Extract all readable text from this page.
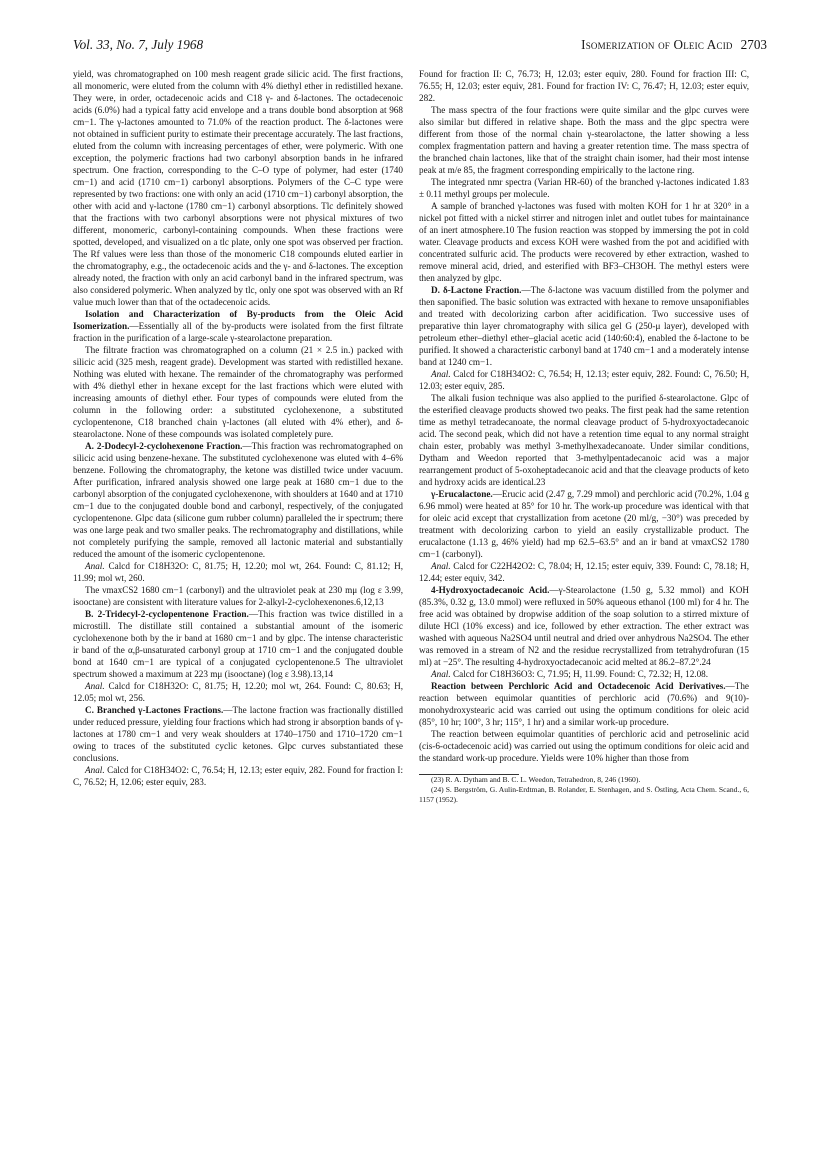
Vol. 33, No. 7, July 1968	Isomerization of Oleic Acid 2703

yield, was chromatographed on 100 mesh reagent grade silicic acid. The first fractions, all monomeric, were eluted from the column with 4% diethyl ether in redistilled hexane. They were, in order, octadecenoic acids and C18 γ- and δ-lactones. The octadecenoic acids (6.0%) had a typical fatty acid envelope and a trans double bond absorption at 968 cm−1. The γ-lactones amounted to 71.0% of the reaction product. The δ-lactones were not obtained in sufficient purity to estimate their precentage accurately. The last fractions, eluted from the column with increasing percentages of ether, were polymeric. With one exception, the polymeric fractions had two carbonyl absorption bands in he infrared spectrum. One fraction, corresponding to the C–O type of polymer, had ester (1740 cm−1) and acid (1710 cm−1) carbonyl absorptions. Polymers of the C–C type were represented by two fractions: one with only an acid (1710 cm−1) carbonyl absorption, the other with acid and γ-lactone (1780 cm−1) carbonyl absorptions. Tlc definitely showed that the fractions with two carbonyl absorptions were not physical mixtures of two different, monomeric, carbonyl-containing compounds. When these fractions were spotted, developed, and visualized on a tlc plate, only one spot was observed per fraction. The Rf values were less than those of the monomeric C18 compounds eluted earlier in the chromatography, e.g., the octadecenoic acids and the γ- and δ-lactones. The exception already noted, the fraction with only an acid carbonyl band in the infrared spectrum, was also considered polymeric. When analyzed by tlc, only one spot was observed with an Rf value much lower than that of the octadecenoic acids.

Isolation and Characterization of By-products from the Oleic Acid Isomerization.—Essentially all of the by-products were isolated from the first filtrate fraction in the purification of a large-scale γ-stearolactone preparation.

The filtrate fraction was chromatographed on a column (21 × 2.5 in.) packed with silicic acid (325 mesh, reagent grade). Development was started with redistilled hexane. Nothing was eluted with hexane. The remainder of the chromatography was performed with 4% diethyl ether in hexane except for the last fractions which were eluted with increasing amounts of diethyl ether. Four types of compounds were eluted from the column in the following order: a substituted cyclohexenone, a substituted cyclopentenone, C18 branched chain γ-lactones (all eluted with 4% ether), and δ-stearolactone. None of these compounds was isolated completely pure.

A. 2-Dodecyl-2-cyclohexenone Fraction.—This fraction was rechromatographed on silicic acid using benzene-hexane. The substituted cyclohexenone was eluted with 4–6% benzene. Following the chromatography, the ketone was distilled twice under vacuum. After purification, infrared analysis showed one large peak at 1680 cm−1 due to the carbonyl absorption of the conjugated cyclohexenone, with shoulders at 1640 and at 1710 cm−1 due to the conjugated double bond and carbonyl, respectively, of the conjugated cyclopentenone. Glpc data (silicone gum rubber column) paralleled the ir spectrum; there was one large peak and two smaller peaks. The rechromatography and distillations, while not completely purifying the sample, removed all lactonic material and substantially reduced the amount of the isomeric cyclopentenone.

Anal. Calcd for C18H32O: C, 81.75; H, 12.20; mol wt, 264. Found: C, 81.12; H, 11.99; mol wt, 260.

The νmaxCS2 1680 cm−1 (carbonyl) and the ultraviolet peak at 230 mμ (log ε 3.99, isooctane) are consistent with literature values for 2-alkyl-2-cyclohexenones.6,12,13

B. 2-Tridecyl-2-cyclopentenone Fraction.—This fraction was twice distilled in a microstill. The distillate still contained a substantial amount of the isomeric cyclohexenone both by the ir band at 1680 cm−1 and by glpc. The intense characteristic ir band of the α,β-unsaturated carbonyl group at 1710 cm−1 and the conjugated double bond at 1640 cm−1 are typical of a conjugated cyclopentenone.5 The ultraviolet spectrum showed a maximum at 223 mμ (isooctane) (log ε 3.98).13,14

Anal. Calcd for C18H32O: C, 81.75; H, 12.20; mol wt, 264. Found: C, 80.63; H, 12.05; mol wt, 256.

C. Branched γ-Lactones Fractions.—The lactone fraction was fractionally distilled under reduced pressure, yielding four fractions which had strong ir absorption bands of γ-lactones at 1780 cm−1 and very weak shoulders at 1740–1750 and 1710–1720 cm−1 owing to traces of the substituted cyclic ketones. Glpc curves substantiated these conclusions.

Anal. Calcd for C18H34O2: C, 76.54; H, 12.13; ester equiv, 282. Found for fraction I: C, 76.52; H, 12.06; ester equiv, 283.

Found for fraction II: C, 76.73; H, 12.03; ester equiv, 280. Found for fraction III: C, 76.55; H, 12.03; ester equiv, 281. Found for fraction IV: C, 76.47; H, 12.03; ester equiv, 282.

The mass spectra of the four fractions were quite similar and the glpc curves were also similar but differed in relative shape. Both the mass and the glpc spectra were different from those of the normal chain γ-stearolactone, the latter showing a less complex fragmentation pattern and having a greater retention time. The mass spectra of the branched chain lactones, like that of the straight chain isomer, had their most intense peak at m/e 85, the fragment corresponding empirically to the lactone ring.

The integrated nmr spectra (Varian HR-60) of the branched γ-lactones indicated 1.83 ± 0.11 methyl groups per molecule.

A sample of branched γ-lactones was fused with molten KOH for 1 hr at 320° in a nickel pot fitted with a nickel stirrer and nitrogen inlet and outlet tubes for maintainance of an inert atmosphere.10 The fusion reaction was stopped by immersing the pot in cold water. Cleavage products and excess KOH were washed from the pot and acidified with concentrated sulfuric acid. The products were recovered by ether extraction, washed to remove mineral acid, dried, and esterified with BF3–CH3OH. The methyl esters were then analyzed by glpc.

D. δ-Lactone Fraction.—The δ-lactone was vacuum distilled from the polymer and then saponified. The basic solution was extracted with hexane to remove unsaponifiables and treated with decolorizing carbon after acidification. Two successive uses of preparative thin layer chromatography with silica gel G (250-μ layer), developed with petroleum ether–diethyl ether–glacial acetic acid (140:60:4), enabled the δ-lactone to be purified. It showed a characteristic carbonyl band at 1740 cm−1 and a moderately intense band at 1240 cm−1.

Anal. Calcd for C18H34O2: C, 76.54; H, 12.13; ester equiv, 282. Found: C, 76.50; H, 12.03; ester equiv, 285.

The alkali fusion technique was also applied to the purified δ-stearolactone. Glpc of the esterified cleavage products showed two peaks. The first peak had the same retention time as methyl tetradecanoate, the normal cleavage product of 5-hydroxyoctadecanoic acid. The second peak, which did not have a retention time equal to any normal straight chain ester, probably was methyl 3-methylhexadecanoate. Under similar conditions, Dytham and Weedon reported that 3-methylpentadecanoic acid was a major rearrangement product of 5-oxoheptadecanoic acid and that the cleavage products of keto and hydroxy acids are identical.23

γ-Erucalactone.—Erucic acid (2.47 g, 7.29 mmol) and perchloric acid (70.2%, 1.04 g 6.96 mmol) were heated at 85° for 10 hr. The work-up procedure was identical with that for oleic acid except that crystallization from acetone (20 ml/g, −30°) was preceded by treatment with decolorizing carbon to yield an easily crystallizable product. The erucalactone (1.13 g, 46% yield) had mp 62.5–63.5° and an ir band at νmaxCS2 1780 cm−1 (carbonyl).

Anal. Calcd for C22H42O2: C, 78.04; H, 12.15; ester equiv, 339. Found: C, 78.18; H, 12.44; ester equiv, 342.

4-Hydroxyoctadecanoic Acid.—γ-Stearolactone (1.50 g, 5.32 mmol) and KOH (85.3%, 0.32 g, 13.0 mmol) were refluxed in 50% aqueous ethanol (100 ml) for 4 hr. The free acid was obtained by dropwise addition of the soap solution to a stirred mixture of dilute HCl (10% excess) and ice, followed by ether extraction. The ether extract was washed with aqueous Na2SO4 until neutral and dried over anhydrous Na2SO4. The ether was removed in a stream of N2 and the residue recrystallized from tetrahydrofuran (15 ml) at −25°. The resulting 4-hydroxyoctadecanoic acid melted at 86.2–87.2°.24

Anal. Calcd for C18H36O3: C, 71.95; H, 11.99. Found: C, 72.32; H, 12.08.

Reaction between Perchloric Acid and Octadecenoic Acid Derivatives.—The reaction between equimolar quantities of perchloric acid (70.6%) and 9(10)-monohydroxystearic acid was carried out using the optimum conditions for oleic acid (85°, 10 hr; 100°, 3 hr; 115°, 1 hr) and a similar work-up procedure.

The reaction between equimolar quantities of perchloric acid and petroselinic acid (cis-6-octadecenoic acid) was carried out using the optimum conditions for oleic acid and the standard work-up procedure. Yields were 10% higher than those from

(23) R. A. Dytham and B. C. L. Weedon, Tetrahedron, 8, 246 (1960).

(24) S. Bergström, G. Aulin-Erdtman, B. Rolander, E. Stenhagen, and S. Östling, Acta Chem. Scand., 6, 1157 (1952).
